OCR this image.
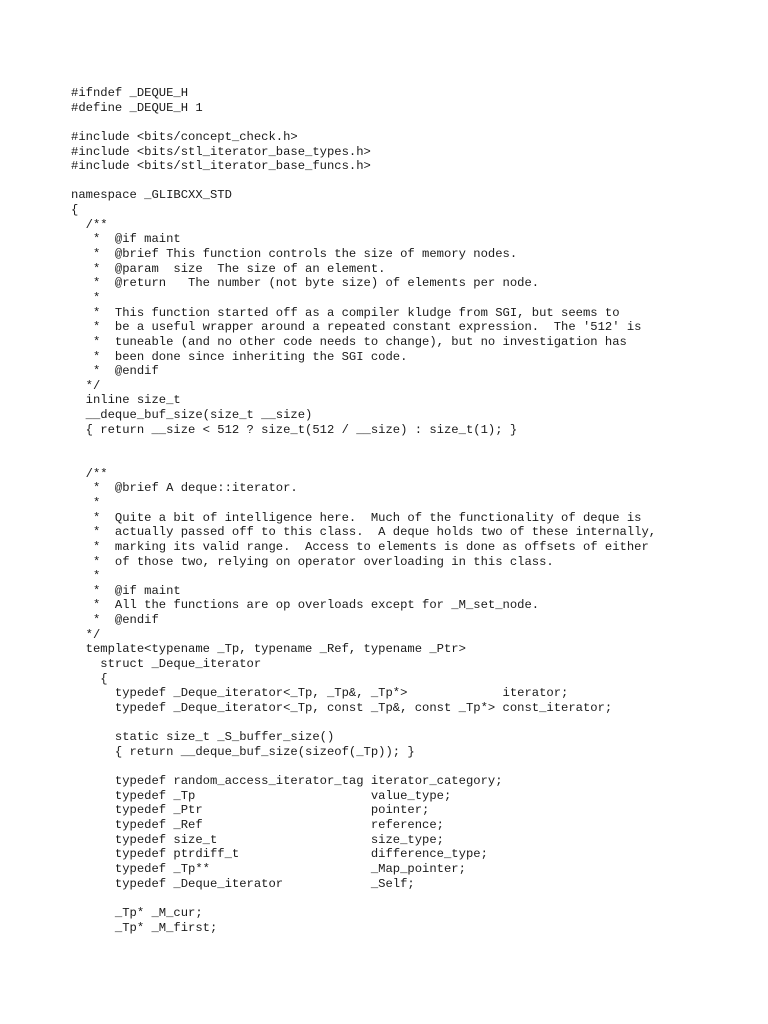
#ifndef _DEQUE_H
#define _DEQUE_H 1
#include <bits/concept_check.h>
#include <bits/stl_iterator_base_types.h>
#include <bits/stl_iterator_base_funcs.h>
namespace _GLIBCXX_STD
{
/**
*  @if maint
*  @brief This function controls the size of memory nodes.
*  @param  size  The size of an element.
*  @return   The number (not byte size) of elements per node.
*
*  This function started off as a compiler kludge from SGI, but seems to
*  be a useful wrapper around a repeated constant expression.  The '512' is
*  tuneable (and no other code needs to change), but no investigation has
*  been done since inheriting the SGI code.
*  @endif
*/
inline size_t
__deque_buf_size(size_t __size)
{ return __size < 512 ? size_t(512 / __size) : size_t(1); }
/**
*  @brief A deque::iterator.
*
*  Quite a bit of intelligence here.  Much of the functionality of deque is
*  actually passed off to this class.  A deque holds two of these internally,
*  marking its valid range.  Access to elements is done as offsets of either
*  of those two, relying on operator overloading in this class.
*
*  @if maint
*  All the functions are op overloads except for _M_set_node.
*  @endif
*/
template<typename _Tp, typename _Ref, typename _Ptr>
struct _Deque_iterator
{
typedef _Deque_iterator<_Tp, _Tp&, _Tp*>             iterator;
typedef _Deque_iterator<_Tp, const _Tp&, const _Tp*> const_iterator;
static size_t _S_buffer_size()
{ return __deque_buf_size(sizeof(_Tp)); }
typedef random_access_iterator_tag iterator_category;
typedef _Tp                        value_type;
typedef _Ptr                       pointer;
typedef _Ref                       reference;
typedef size_t                     size_type;
typedef ptrdiff_t                  difference_type;
typedef _Tp**                      _Map_pointer;
typedef _Deque_iterator            _Self;
_Tp* _M_cur;
_Tp* _M_first;
